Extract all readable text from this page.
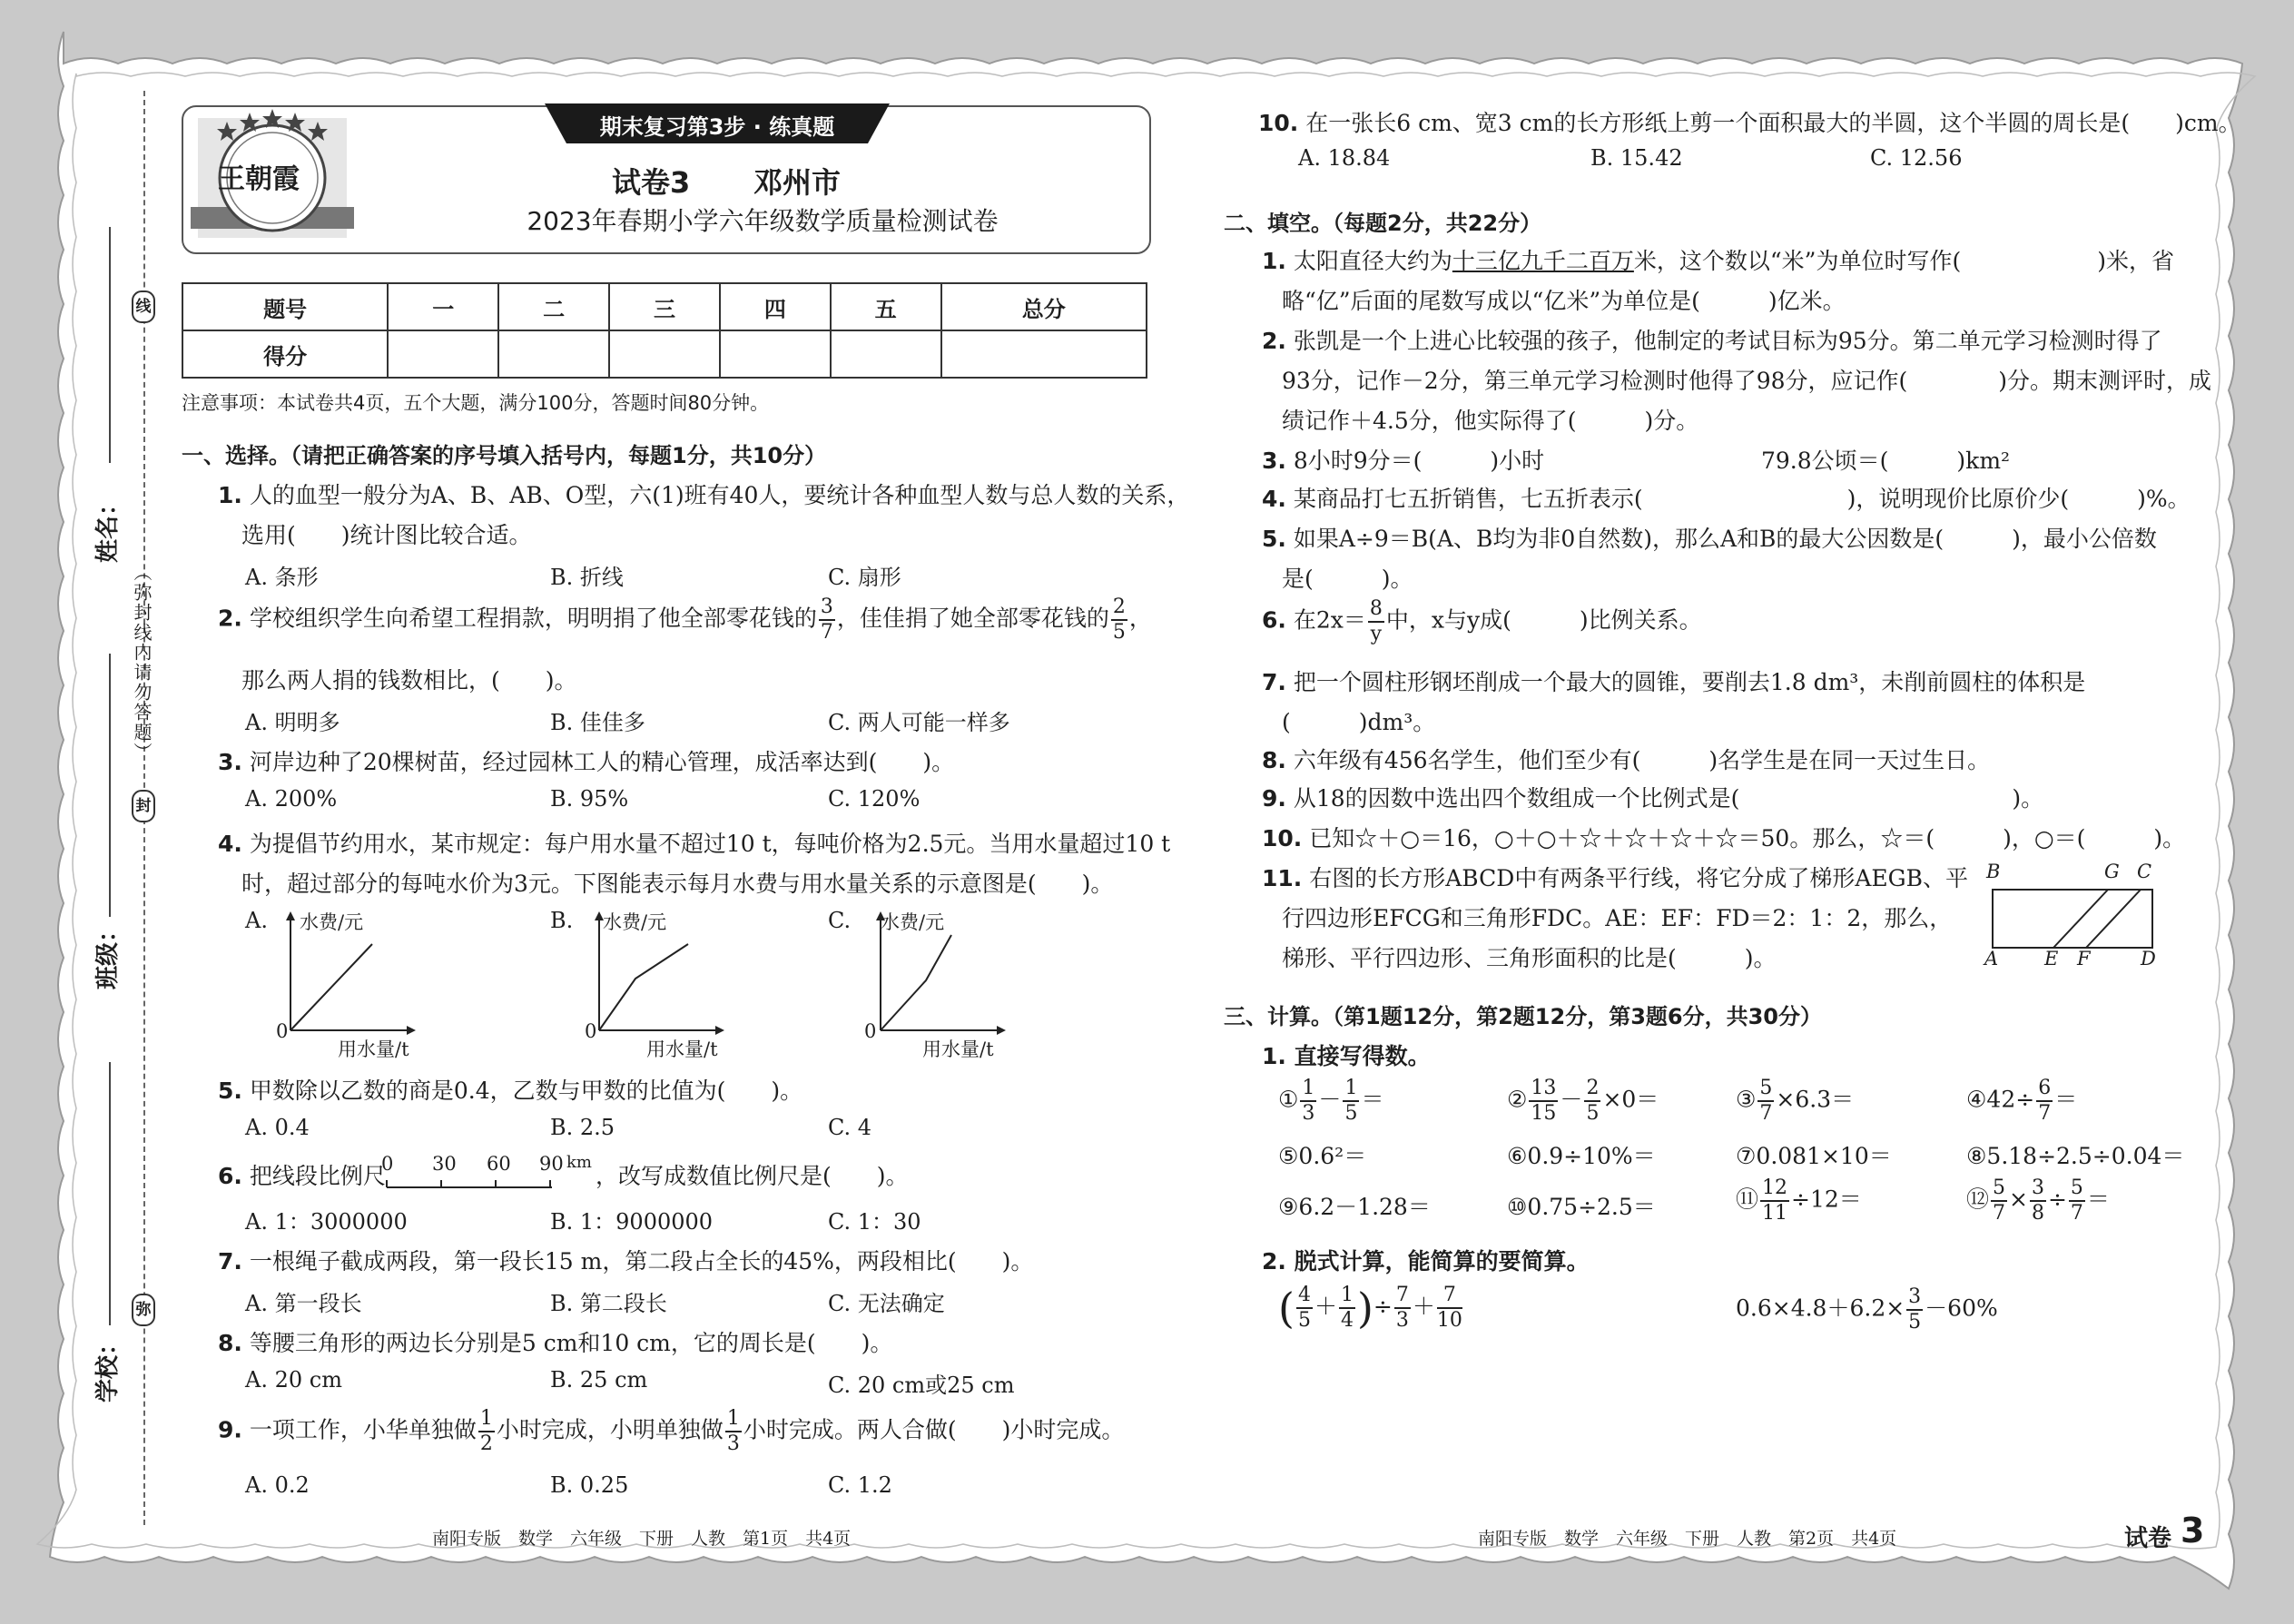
线
封
弥
（弥封线内请勿答题）
姓名：
班级：
学校：
王朝霞
期末复习第3步 · 练真题
试卷3 邓州市
2023年春期小学六年级数学质量检测试卷
题号	一	二	三	四	五	总分
得分						
注意事项：本试卷共4页，五个大题，满分100分，答题时间80分钟。
一、选择。（请把正确答案的序号填入括号内，每题1分，共10分）
1. 人的血型一般分为A、B、AB、O型，六(1)班有40人，要统计各种血型人数与总人数的关系，
选用(　　)统计图比较合适。
A. 条形	B. 折线	C. 扇形
2. 学校组织学生向希望工程捐款，明明捐了他全部零花钱的 $\frac{3}{7}$ ，佳佳捐了她全部零花钱的 $\frac{2}{5}$ ，
那么两人捐的钱数相比，(　　)。
A. 明明多	B. 佳佳多	C. 两人可能一样多
3. 河岸边种了20棵树苗，经过园林工人的精心管理，成活率达到(　　)。
A. 200%	B. 95%	C. 120%
4. 为提倡节约用水，某市规定：每户用水量不超过10 t，每吨价格为2.5元。当用水量超过10 t
时，超过部分的每吨水价为3元。下图能表示每月水费与用水量关系的示意图是(　　)。
A.	B.	C.
水费/元
用水量/t
0
水费/元
用水量/t
0
水费/元
用水量/t
0
5. 甲数除以乙数的商是0.4，乙数与甲数的比值为(　　)。
A. 0.4	B. 2.5	C. 4
6. 把线段比例尺
0 30 60 90 km
，改写成数值比例尺是(　　)。
A. 1：3000000	B. 1：9000000	C. 1：30
7. 一根绳子截成两段，第一段长15 m，第二段占全长的45%，两段相比(　　)。
A. 第一段长	B. 第二段长	C. 无法确定
8. 等腰三角形的两边长分别是5 cm和10 cm，它的周长是(　　)。
A. 20 cm	B. 25 cm	C. 20 cm或25 cm
9. 一项工作，小华单独做 $\frac{1}{2}$ 小时完成，小明单独做 $\frac{1}{3}$ 小时完成。两人合做(　　)小时完成。
A. 0.2	B. 0.25	C. 1.2
南阳专版　数学　六年级　下册　人教　第1页　共4页
10. 在一张长6 cm、宽3 cm的长方形纸上剪一个面积最大的半圆，这个半圆的周长是(　　)cm。
A. 18.84	B. 15.42	C. 12.56
二、填空。（每题2分，共22分）
1. 太阳直径大约为十三亿九千二百万米，这个数以“米”为单位时写作(　　　　　　)米，省
略“亿”后面的尾数写成以“亿米”为单位是(　　　)亿米。
2. 张凯是一个上进心比较强的孩子，他制定的考试目标为95分。第二单元学习检测时得了
93分，记作－2分，第三单元学习检测时他得了98分，应记作(　　　　)分。期末测评时，成
绩记作＋4.5分，他实际得了(　　　)分。
3. 8小时9分＝(　　　)小时	79.8公顷＝(　　　)km²
4. 某商品打七五折销售，七五折表示(　　　　　　　　　)，说明现价比原价少(　　　)%。
5. 如果A÷9＝B(A、B均为非0自然数)，那么A和B的最大公因数是(　　　)，最小公倍数
是(　　　)。
6. 在$2x= \frac{8}{y}$ 中，x与y成(　　　)比例关系。
7. 把一个圆柱形钢坯削成一个最大的圆锥，要削去1.8 dm³，未削前圆柱的体积是
(　　　)dm³。
8. 六年级有456名学生，他们至少有(　　　)名学生是在同一天过生日。
9. 从18的因数中选出四个数组成一个比例式是(　　　　　　　　　　　　)。
10. 已知☆＋○＝16，○＋○＋☆＋☆＋☆＋☆＝50。那么，☆＝(　　　)，○＝(　　　)。
11. 右图的长方形ABCD中有两条平行线，将它分成了梯形AEGB、平
行四边形EFCG和三角形FDC。AE：EF：FD＝2：1：2，那么，
梯形、平行四边形、三角形面积的比是(　　　)。
B	G C
A E F	D
三、计算。（第1题12分，第2题12分，第3题6分，共30分）
1. 直接写得数。
① $\frac{1}{3} - \frac{1}{5}$ ＝	② $\frac{13}{15} - \frac{2}{5} \times 0=$	③ $\frac{5}{7} \times 6.3=$	④42÷ $\frac{6}{7}$ ＝
⑤0.6²＝	⑥0.9÷10%＝	⑦0.081×10＝	⑧5.18÷2.5÷0.04＝
⑨6.2－1.28＝	⑩0.75÷2.5＝	⑪ $\frac{12}{11} \div 12=$	⑫ $\frac{5}{7} \times \frac{3}{8} \div \frac{5}{7}$ ＝
2. 脱式计算，能简算的要简算。
( $\frac{4}{5} + \frac{1}{4}$ )÷ $\frac{7}{3} + \frac{7}{10}$	$0.6\times 4.8+6.2\times \frac{3}{5} -60\%$
南阳专版　数学　六年级　下册　人教　第2页　共4页	试卷 3
